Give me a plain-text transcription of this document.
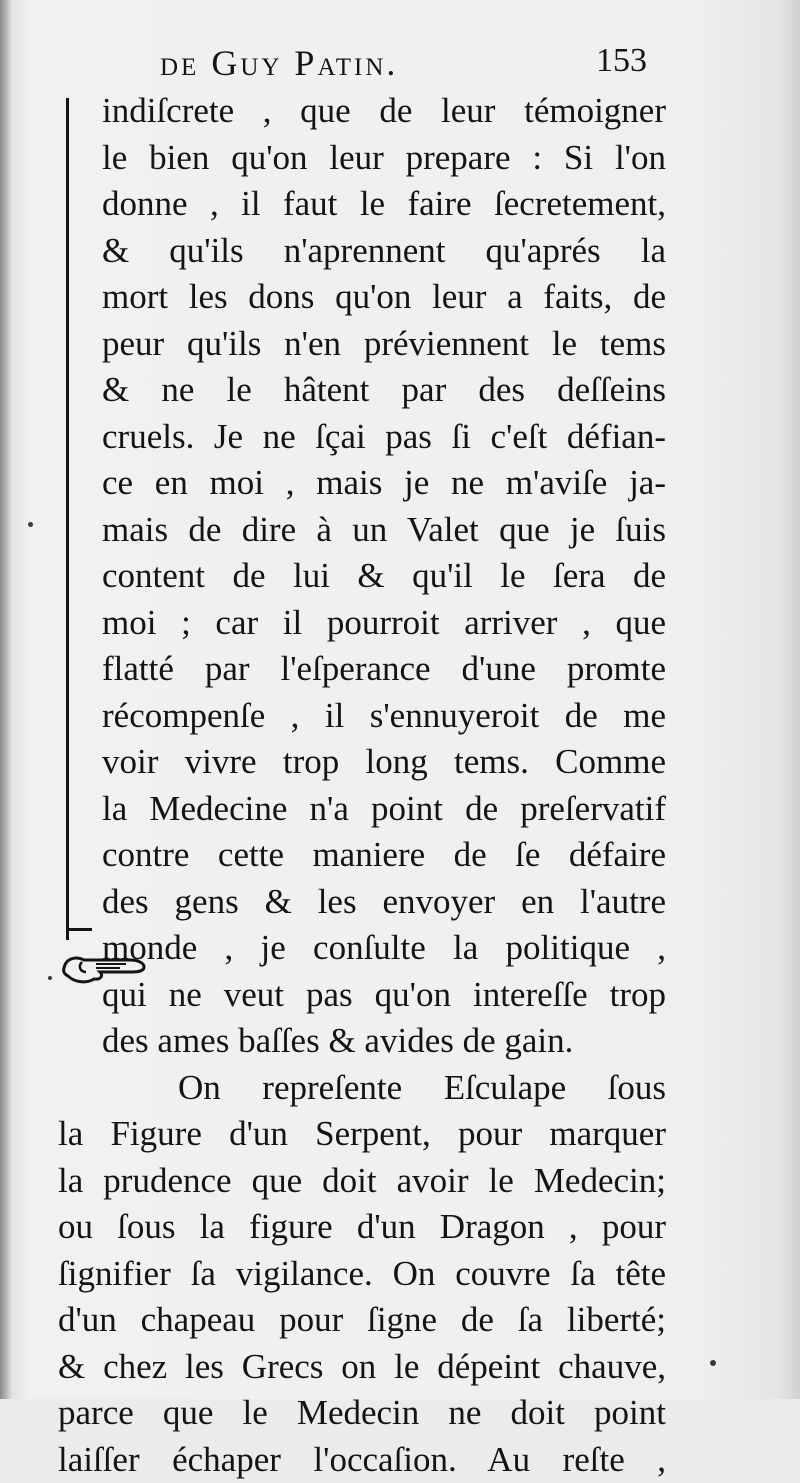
de Guy Patin.	153
indiſcrete , que de leur témoigner
le bien qu'on leur prepare : Si l'on
donne , il faut le faire ſecretement,
& qu'ils n'aprennent qu'aprés la
mort les dons qu'on leur a faits, de
peur qu'ils n'en préviennent le tems
& ne le hâtent par des deſſeins
cruels. Je ne ſçai pas ſi c'eſt défian-
ce en moi , mais je ne m'aviſe ja-
mais de dire à un Valet que je ſuis
content de lui & qu'il le ſera de
moi ; car il pourroit arriver , que
flatté par l'eſperance d'une promte
récompenſe , il s'ennuyeroit de me
voir vivre trop long tems. Comme
la Medecine n'a point de preſervatif
contre cette maniere de ſe défaire
des gens & les envoyer en l'autre
monde , je conſulte la politique ,
qui ne veut pas qu'on intereſſe trop
des ames baſſes & avides de gain.
On repreſente Eſculape ſous
la Figure d'un Serpent, pour marquer
la prudence que doit avoir le Medecin;
ou ſous la figure d'un Dragon , pour
ſignifier ſa vigilance. On couvre ſa tête
d'un chapeau pour ſigne de ſa liberté;
& chez les Grecs on le dépeint chauve,
parce que le Medecin ne doit point
laiſſer échaper l'occaſion. Au reſte ,
